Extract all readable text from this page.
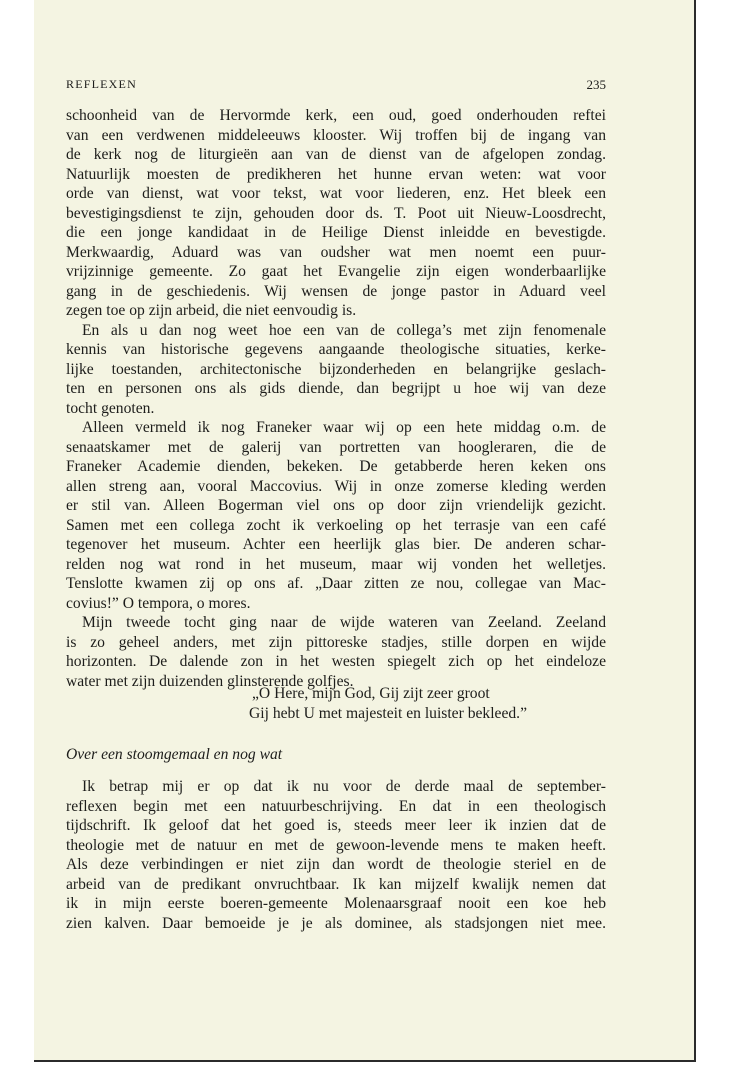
REFLEXEN	235
schoonheid van de Hervormde kerk, een oud, goed onderhouden reftei
van een verdwenen middeleeuws klooster. Wij troffen bij de ingang van
de kerk nog de liturgieën aan van de dienst van de afgelopen zondag.
Natuurlijk moesten de predikheren het hunne ervan weten: wat voor
orde van dienst, wat voor tekst, wat voor liederen, enz. Het bleek een
bevestigingsdienst te zijn, gehouden door ds. T. Poot uit Nieuw-Loosdrecht,
die een jonge kandidaat in de Heilige Dienst inleidde en bevestigde.
Merkwaardig, Aduard was van oudsher wat men noemt een puur-
vrijzinnige gemeente. Zo gaat het Evangelie zijn eigen wonderbaarlijke
gang in de geschiedenis. Wij wensen de jonge pastor in Aduard veel
zegen toe op zijn arbeid, die niet eenvoudig is.
En als u dan nog weet hoe een van de collega’s met zijn fenomenale
kennis van historische gegevens aangaande theologische situaties, kerke-
lijke toestanden, architectonische bijzonderheden en belangrijke geslach-
ten en personen ons als gids diende, dan begrijpt u hoe wij van deze
tocht genoten.
Alleen vermeld ik nog Franeker waar wij op een hete middag o.m. de
senaatskamer met de galerij van portretten van hoogleraren, die de
Franeker Academie dienden, bekeken. De getabberde heren keken ons
allen streng aan, vooral Maccovius. Wij in onze zomerse kleding werden
er stil van. Alleen Bogerman viel ons op door zijn vriendelijk gezicht.
Samen met een collega zocht ik verkoeling op het terrasje van een café
tegenover het museum. Achter een heerlijk glas bier. De anderen schar-
relden nog wat rond in het museum, maar wij vonden het welletjes.
Tenslotte kwamen zij op ons af. „Daar zitten ze nou, collegae van Mac-
covius!” O tempora, o mores.
Mijn tweede tocht ging naar de wijde wateren van Zeeland. Zeeland
is zo geheel anders, met zijn pittoreske stadjes, stille dorpen en wijde
horizonten. De dalende zon in het westen spiegelt zich op het eindeloze
water met zijn duizenden glinsterende golfjes.
„O Here, mijn God, Gij zijt zeer groot
Gij hebt U met majesteit en luister bekleed.”
Over een stoomgemaal en nog wat
Ik betrap mij er op dat ik nu voor de derde maal de september-
reflexen begin met een natuurbeschrijving. En dat in een theologisch
tijdschrift. Ik geloof dat het goed is, steeds meer leer ik inzien dat de
theologie met de natuur en met de gewoon-levende mens te maken heeft.
Als deze verbindingen er niet zijn dan wordt de theologie steriel en de
arbeid van de predikant onvruchtbaar. Ik kan mijzelf kwalijk nemen dat
ik in mijn eerste boeren-gemeente Molenaarsgraaf nooit een koe heb
zien kalven. Daar bemoeide je je als dominee, als stadsjongen niet mee.
